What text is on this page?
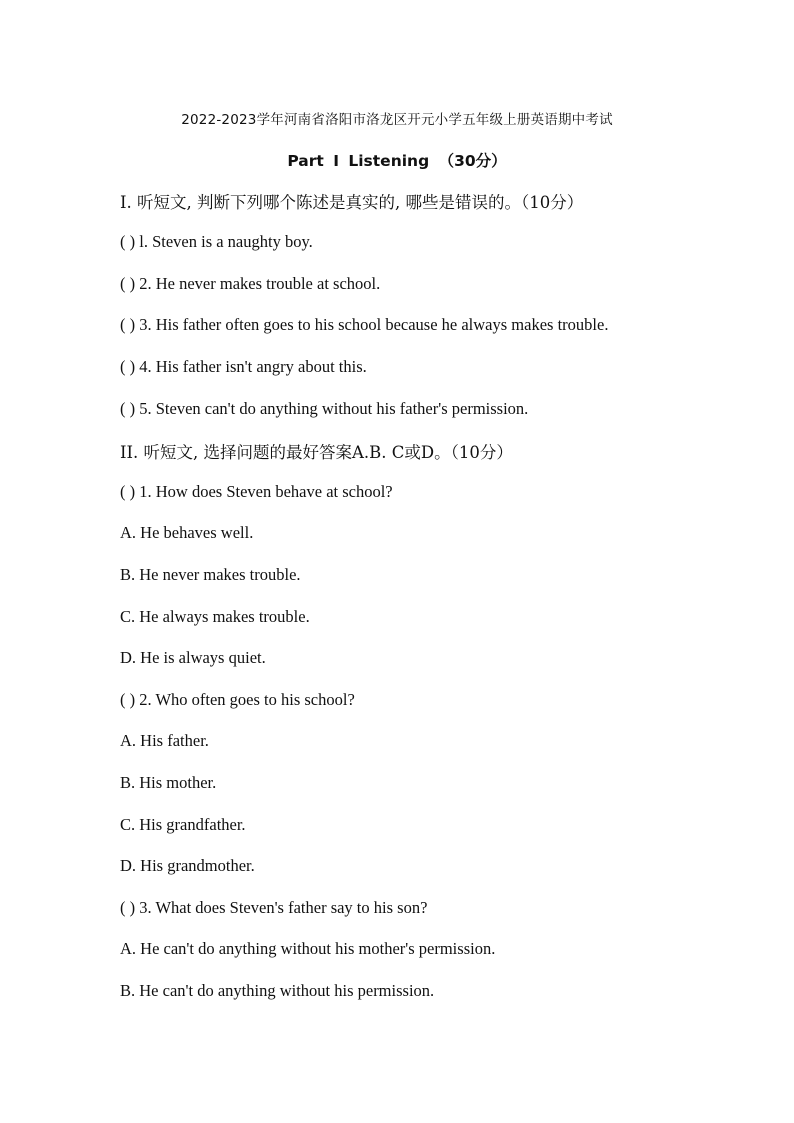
2022-2023学年河南省洛阳市洛龙区开元小学五年级上册英语期中考试
Part I Listening （30分）
I. 听短文, 判断下列哪个陈述是真实的, 哪些是错误的。（10分）
( ) l. Steven is a naughty boy.
( ) 2. He never makes trouble at school.
( ) 3. His father often goes to his school because he always makes trouble.
( ) 4. His father isn't angry about this.
( ) 5. Steven can't do anything without his father's permission.
II. 听短文, 选择问题的最好答案A.B. C或D。（10分）
( ) 1. How does Steven behave at school?
A. He behaves well.
B. He never makes trouble.
C. He always makes trouble.
D. He is always quiet.
( ) 2. Who often goes to his school?
A. His father.
B. His mother.
C. His grandfather.
D. His grandmother.
( ) 3. What does Steven's father say to his son?
A. He can't do anything without his mother's permission.
B. He can't do anything without his permission.
